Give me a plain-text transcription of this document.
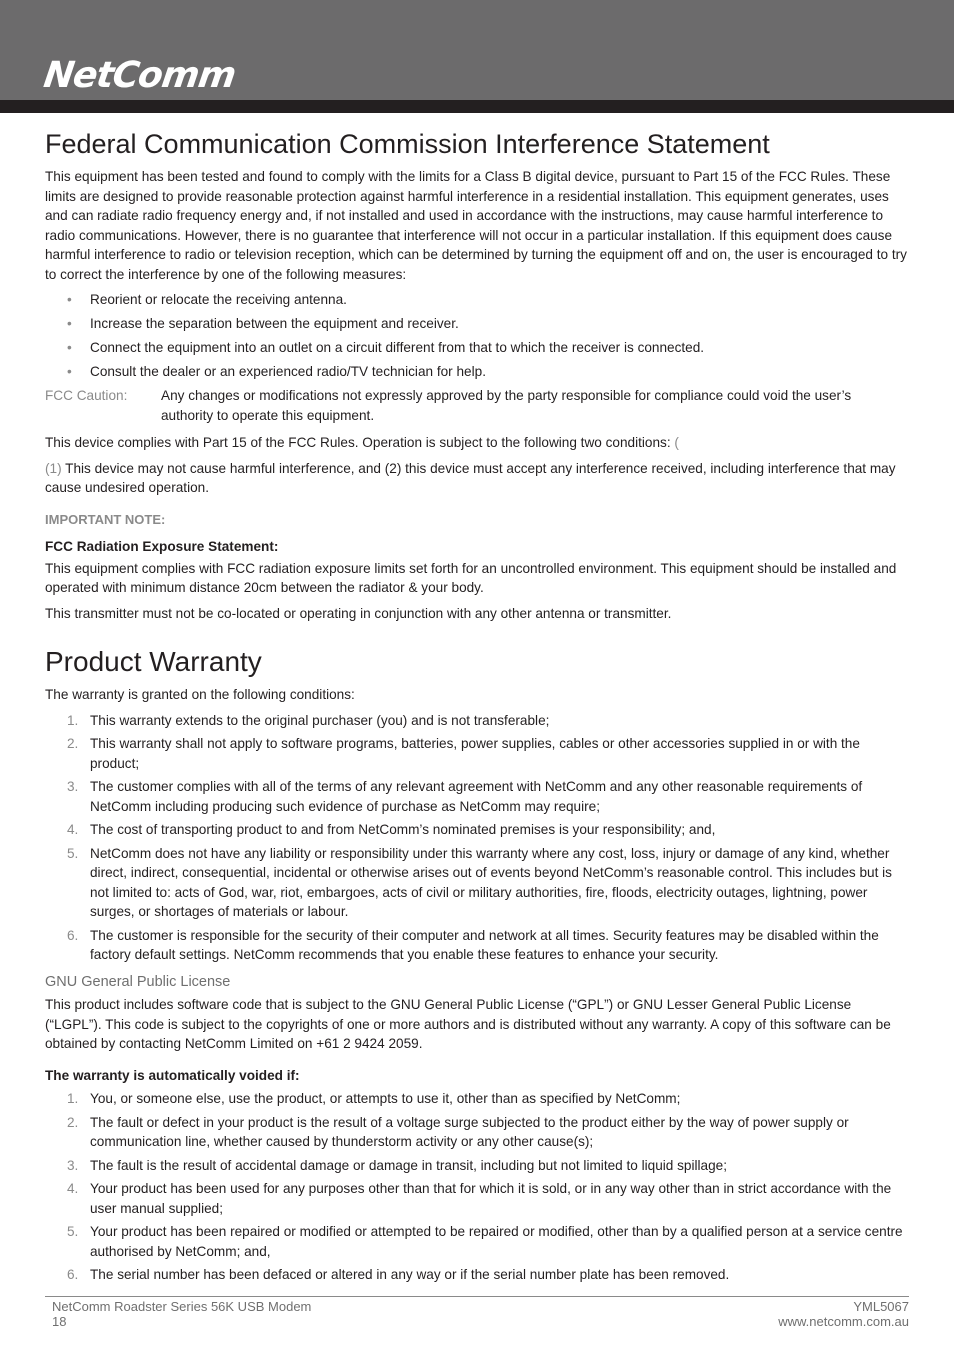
NetComm
Federal Communication Commission Interference Statement

This equipment has been tested and found to comply with the limits for a Class B digital device, pursuant to Part 15 of the FCC Rules. These limits are designed to provide reasonable protection against harmful interference in a residential installation. This equipment generates, uses and can radiate radio frequency energy and, if not installed and used in accordance with the instructions, may cause harmful interference to radio communications. However, there is no guarantee that interference will not occur in a particular installation. If this equipment does cause harmful interference to radio or television reception, which can be determined by turning the equipment off and on, the user is encouraged to try to correct the interference by one of the following measures:

• Reorient or relocate the receiving antenna.
• Increase the separation between the equipment and receiver.
• Connect the equipment into an outlet on a circuit different from that to which the receiver is connected.
• Consult the dealer or an experienced radio/TV technician for help.
FCC Caution: Any changes or modifications not expressly approved by the party responsible for compliance could void the user’s authority to operate this equipment.

This device complies with Part 15 of the FCC Rules. Operation is subject to the following two conditions: (

(1) This device may not cause harmful interference, and (2) this device must accept any interference received, including interference that may cause undesired operation.

IMPORTANT NOTE:
FCC Radiation Exposure Statement:

This equipment complies with FCC radiation exposure limits set forth for an uncontrolled environment. This equipment should be installed and operated with minimum distance 20cm between the radiator & your body.

This transmitter must not be co-located or operating in conjunction with any other antenna or transmitter.

Product Warranty

The warranty is granted on the following conditions:

1. This warranty extends to the original purchaser (you) and is not transferable;
2. This warranty shall not apply to software programs, batteries, power supplies, cables or other accessories supplied in or with the product;
3. The customer complies with all of the terms of any relevant agreement with NetComm and any other reasonable requirements of NetComm including producing such evidence of purchase as NetComm may require;
4. The cost of transporting product to and from NetComm’s nominated premises is your responsibility; and,
5. NetComm does not have any liability or responsibility under this warranty where any cost, loss, injury or damage of any kind, whether direct, indirect, consequential, incidental or otherwise arises out of events beyond NetComm’s reasonable control. This includes but is not limited to: acts of God, war, riot, embargoes, acts of civil or military authorities, fire, floods, electricity outages, lightning, power surges, or shortages of materials or labour.
6. The customer is responsible for the security of their computer and network at all times. Security features may be disabled within the factory default settings. NetComm recommends that you enable these features to enhance your security.
GNU General Public License

This product includes software code that is subject to the GNU General Public License (“GPL”) or GNU Lesser General Public License (“LGPL”). This code is subject to the copyrights of one or more authors and is distributed without any warranty. A copy of this software can be obtained by contacting NetComm Limited on +61 2 9424 2059.

The warranty is automatically voided if:
1. You, or someone else, use the product, or attempts to use it, other than as specified by NetComm;
2. The fault or defect in your product is the result of a voltage surge subjected to the product either by the way of power supply or communication line, whether caused by thunderstorm activity or any other cause(s);
3. The fault is the result of accidental damage or damage in transit, including but not limited to liquid spillage;
4. Your product has been used for any purposes other than that for which it is sold, or in any way other than in strict accordance with the user manual supplied;
5. Your product has been repaired or modified or attempted to be repaired or modified, other than by a qualified person at a service centre authorised by NetComm; and,
6. The serial number has been defaced or altered in any way or if the serial number plate has been removed.
NetComm Roadster Series 56K USB Modem
18
YML5067
www.netcomm.com.au
